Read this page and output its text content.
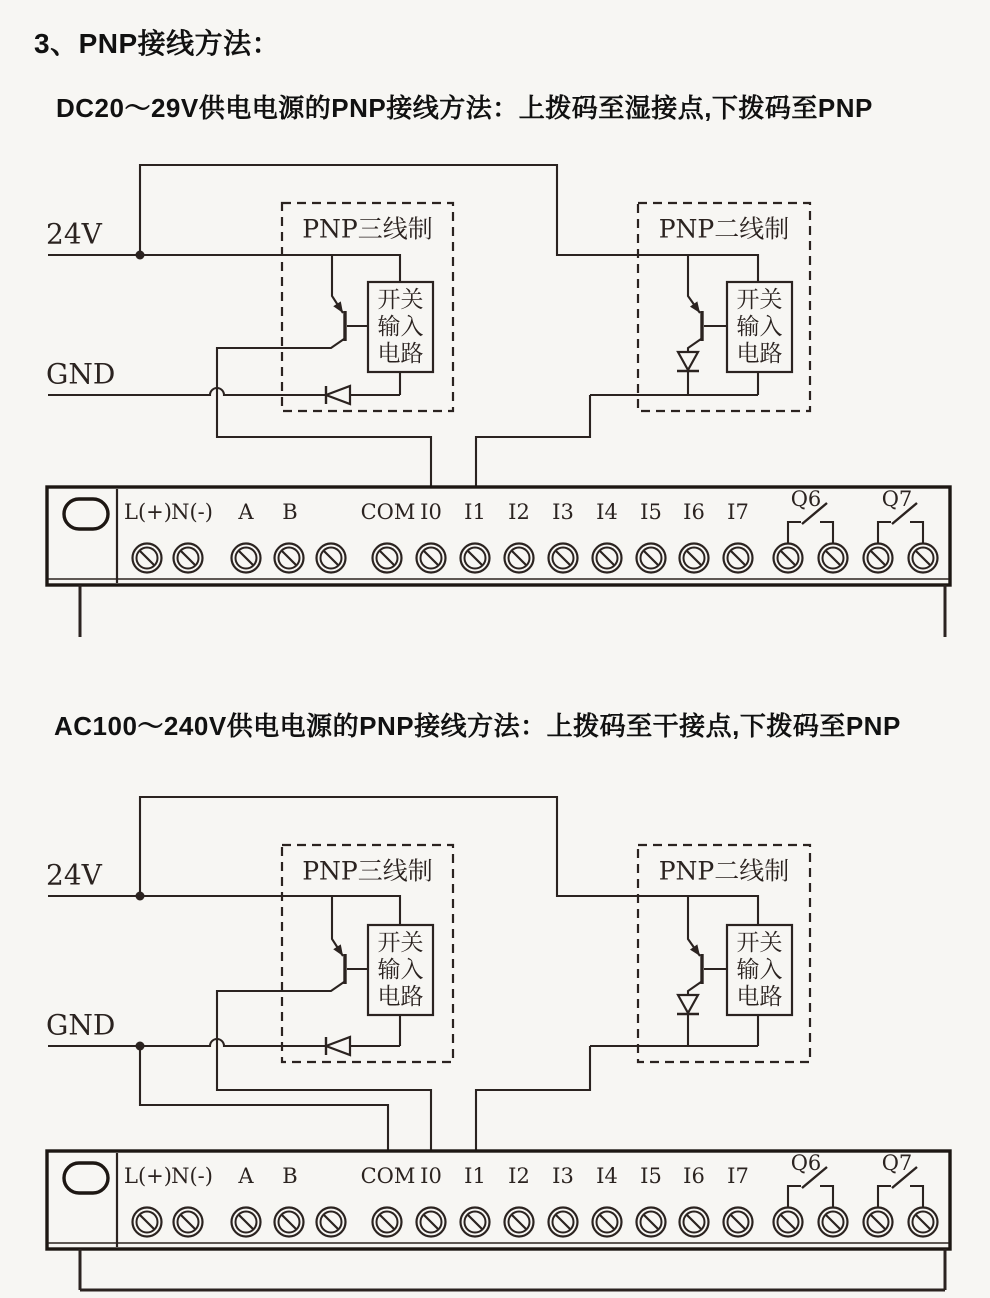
3、PNP接线方法：
DC20～29V供电电源的PNP接线方法：上拨码至湿接点,下拨码至PNP
AC100～240V供电电源的PNP接线方法：上拨码至干接点,下拨码至PNP
24V
GND
PNP三线制	PNP二线制
开关
输入
电路
开关
输入
电路
L(+) N(-) A B	COM I0 I1 I2 I3 I4 I5 I6 I7
Q6	Q7
24V
GND
PNP三线制	PNP二线制
开关
输入
电路
开关
输入
电路
L(+) N(-) A B	COM I0 I1 I2 I3 I4 I5 I6 I7
Q6	Q7
